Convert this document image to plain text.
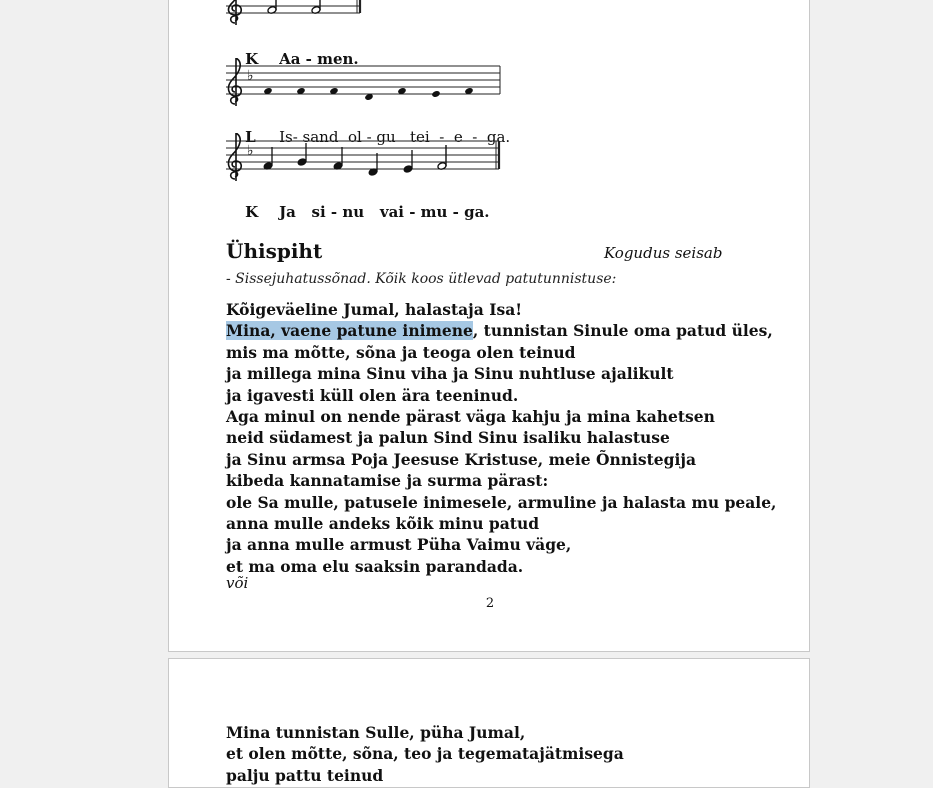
K Aa - men.

♭

L Is- sand  ol - gu   tei  -  e  -  ga.

♭

K Ja   si - nu   vai - mu - ga.

Ühispiht	Kogudus seisab
- Sissejuhatussõnad. Kõik koos ütlevad patutunnistuse:
Kõigeväeline Jumal, halastaja Isa!
Mina, vaene patune inimene, tunnistan Sinule oma patud üles,
mis ma mõtte, sõna ja teoga olen teinud
ja millega mina Sinu viha ja Sinu nuhtluse ajalikult
ja igavesti küll olen ära teeninud.
Aga minul on nende pärast väga kahju ja mina kahetsen
neid südamest ja palun Sind Sinu isaliku halastuse
ja Sinu armsa Poja Jeesuse Kristuse, meie Õnnistegija
kibeda kannatamise ja surma pärast:
ole Sa mulle, patusele inimesele, armuline ja halasta mu peale,
anna mulle andeks kõik minu patud
ja anna mulle armust Püha Vaimu väge,
et ma oma elu saaksin parandada.
või
2
Mina tunnistan Sulle, püha Jumal,
et olen mõtte, sõna, teo ja tegematajätmisega
palju pattu teinud
